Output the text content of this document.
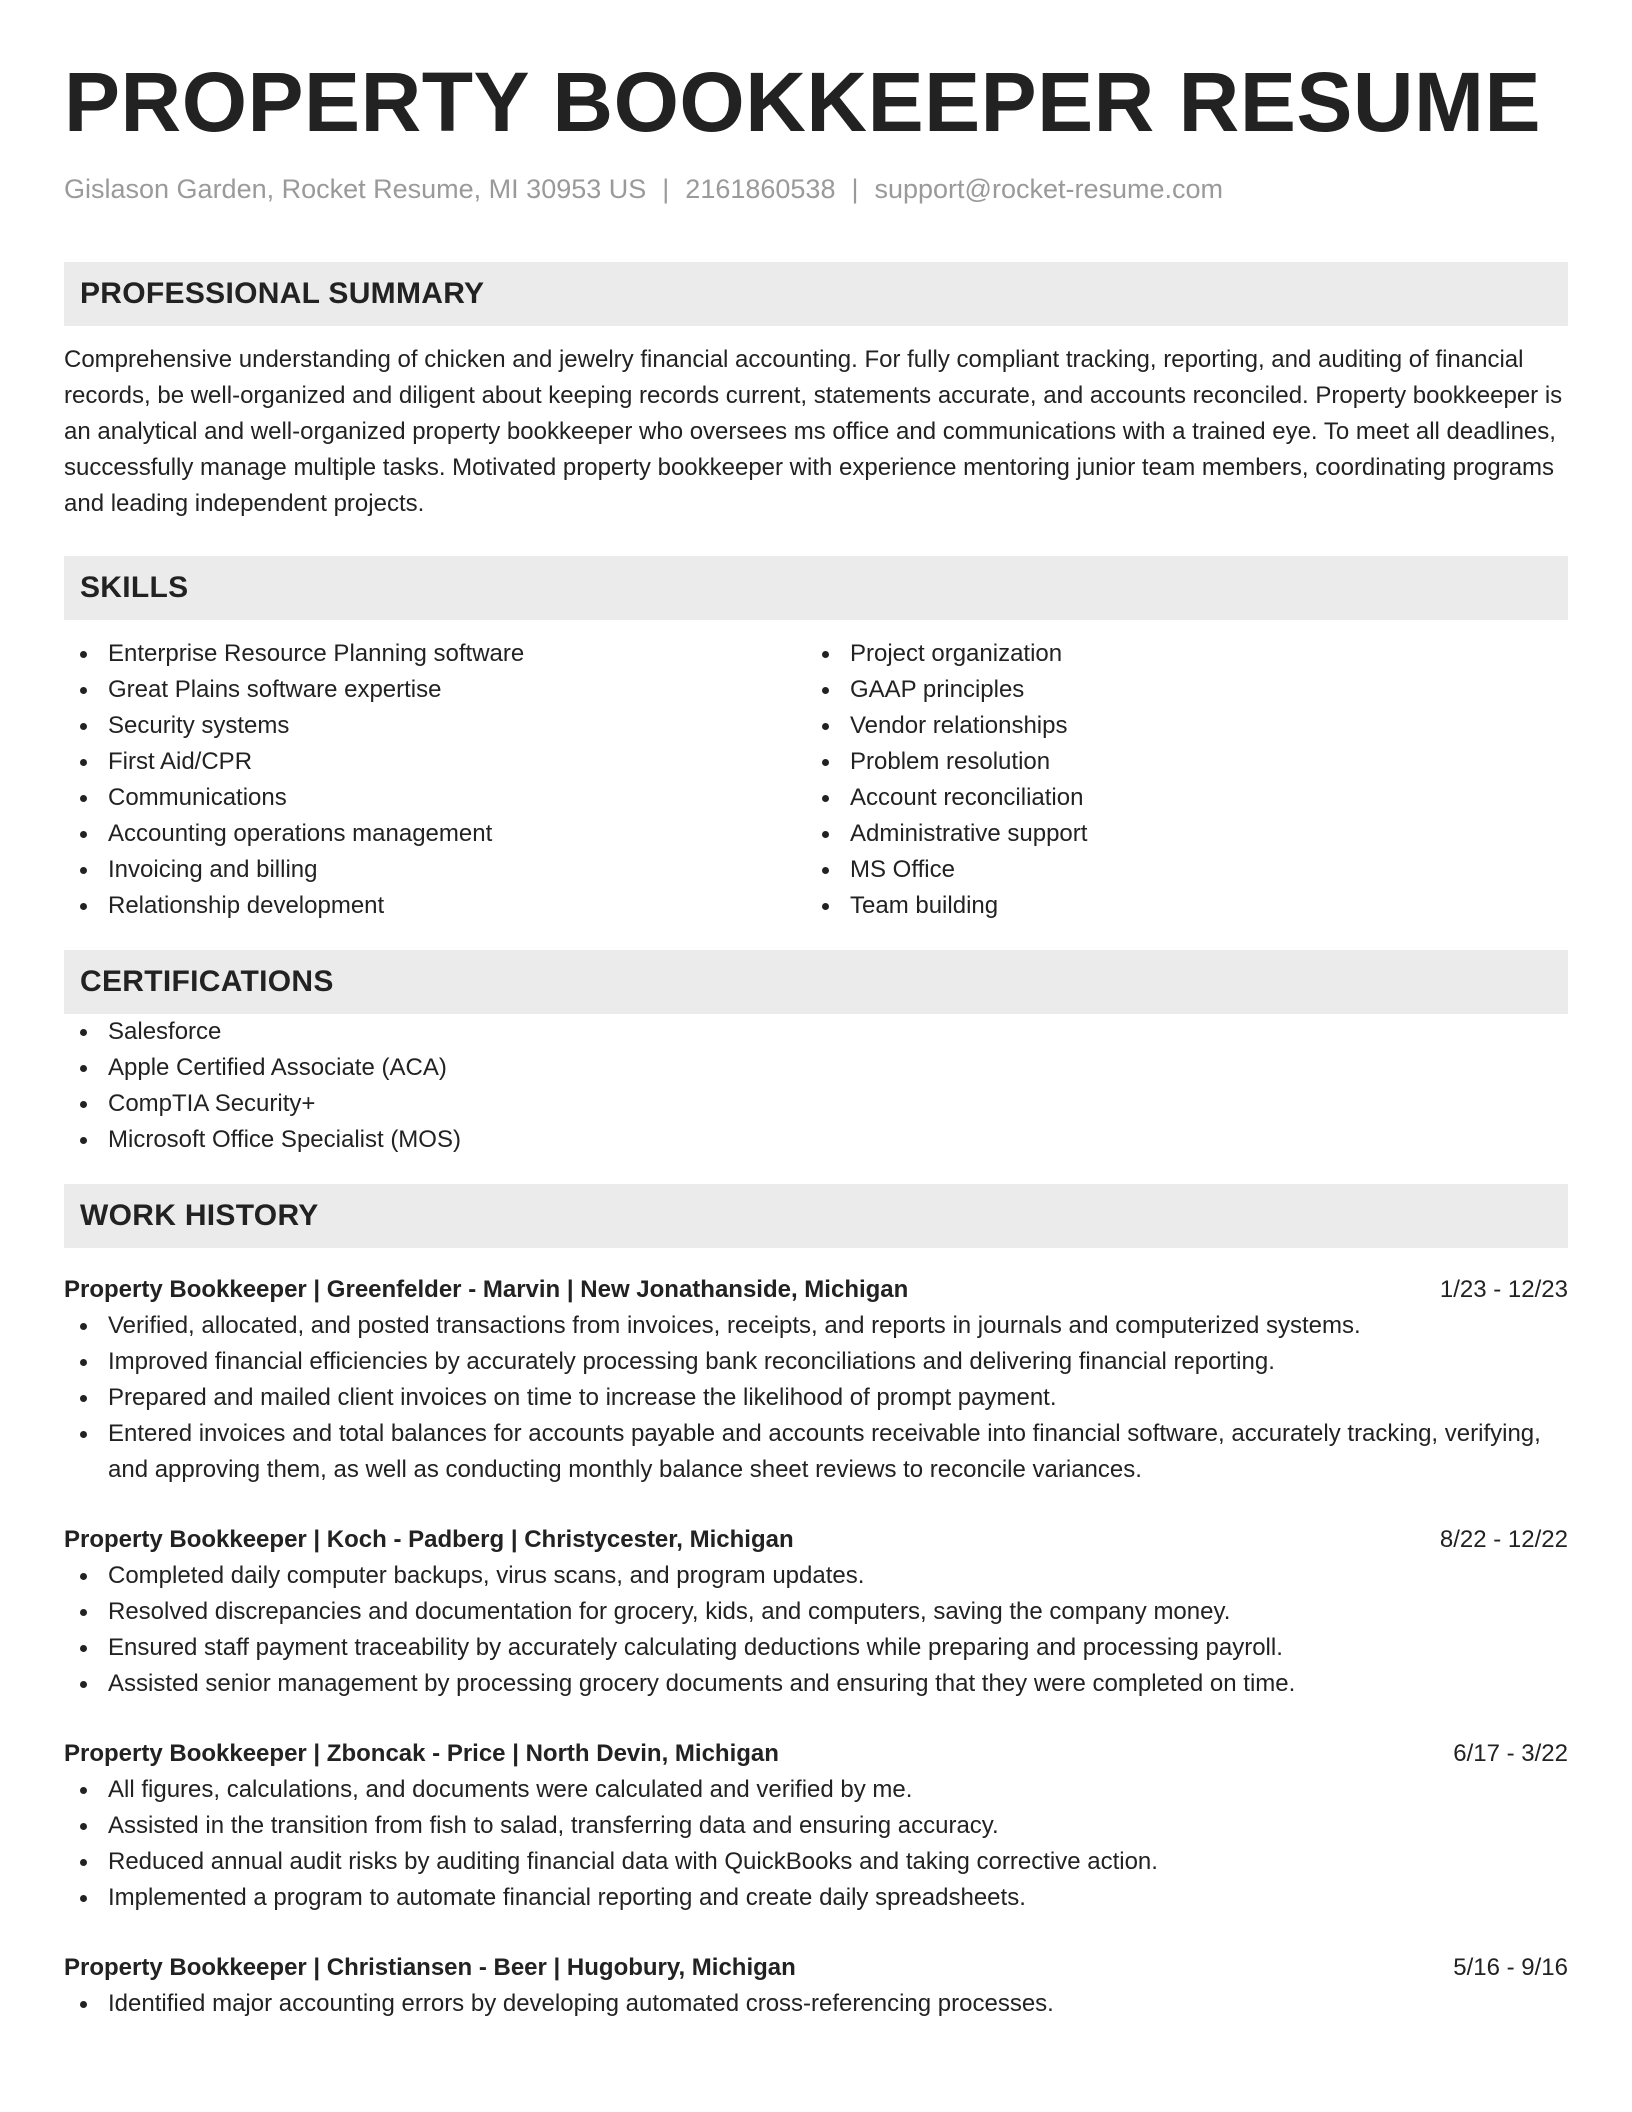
PROPERTY BOOKKEEPER RESUME
Gislason Garden, Rocket Resume, MI 30953 US | 2161860538 | support@rocket-resume.com
PROFESSIONAL SUMMARY

Comprehensive understanding of chicken and jewelry financial accounting. For fully compliant tracking, reporting, and auditing of financial records, be well-organized and diligent about keeping records current, statements accurate, and accounts reconciled. Property bookkeeper is an analytical and well-organized property bookkeeper who oversees ms office and communications with a trained eye. To meet all deadlines, successfully manage multiple tasks. Motivated property bookkeeper with experience mentoring junior team members, coordinating programs and leading independent projects.

SKILLS
Enterprise Resource Planning software
Great Plains software expertise
Security systems
First Aid/CPR
Communications
Accounting operations management
Invoicing and billing
Relationship development
Project organization
GAAP principles
Vendor relationships
Problem resolution
Account reconciliation
Administrative support
MS Office
Team building
CERTIFICATIONS
Salesforce
Apple Certified Associate (ACA)
CompTIA Security+
Microsoft Office Specialist (MOS)
WORK HISTORY
Property Bookkeeper | Greenfelder - Marvin | New Jonathanside, Michigan	1/23 - 12/23
Verified, allocated, and posted transactions from invoices, receipts, and reports in journals and computerized systems.
Improved financial efficiencies by accurately processing bank reconciliations and delivering financial reporting.
Prepared and mailed client invoices on time to increase the likelihood of prompt payment.
Entered invoices and total balances for accounts payable and accounts receivable into financial software, accurately tracking, verifying, and approving them, as well as conducting monthly balance sheet reviews to reconcile variances.
Property Bookkeeper | Koch - Padberg | Christycester, Michigan	8/22 - 12/22
Completed daily computer backups, virus scans, and program updates.
Resolved discrepancies and documentation for grocery, kids, and computers, saving the company money.
Ensured staff payment traceability by accurately calculating deductions while preparing and processing payroll.
Assisted senior management by processing grocery documents and ensuring that they were completed on time.
Property Bookkeeper | Zboncak - Price | North Devin, Michigan	6/17 - 3/22
All figures, calculations, and documents were calculated and verified by me.
Assisted in the transition from fish to salad, transferring data and ensuring accuracy.
Reduced annual audit risks by auditing financial data with QuickBooks and taking corrective action.
Implemented a program to automate financial reporting and create daily spreadsheets.
Property Bookkeeper | Christiansen - Beer | Hugobury, Michigan	5/16 - 9/16
Identified major accounting errors by developing automated cross-referencing processes.
